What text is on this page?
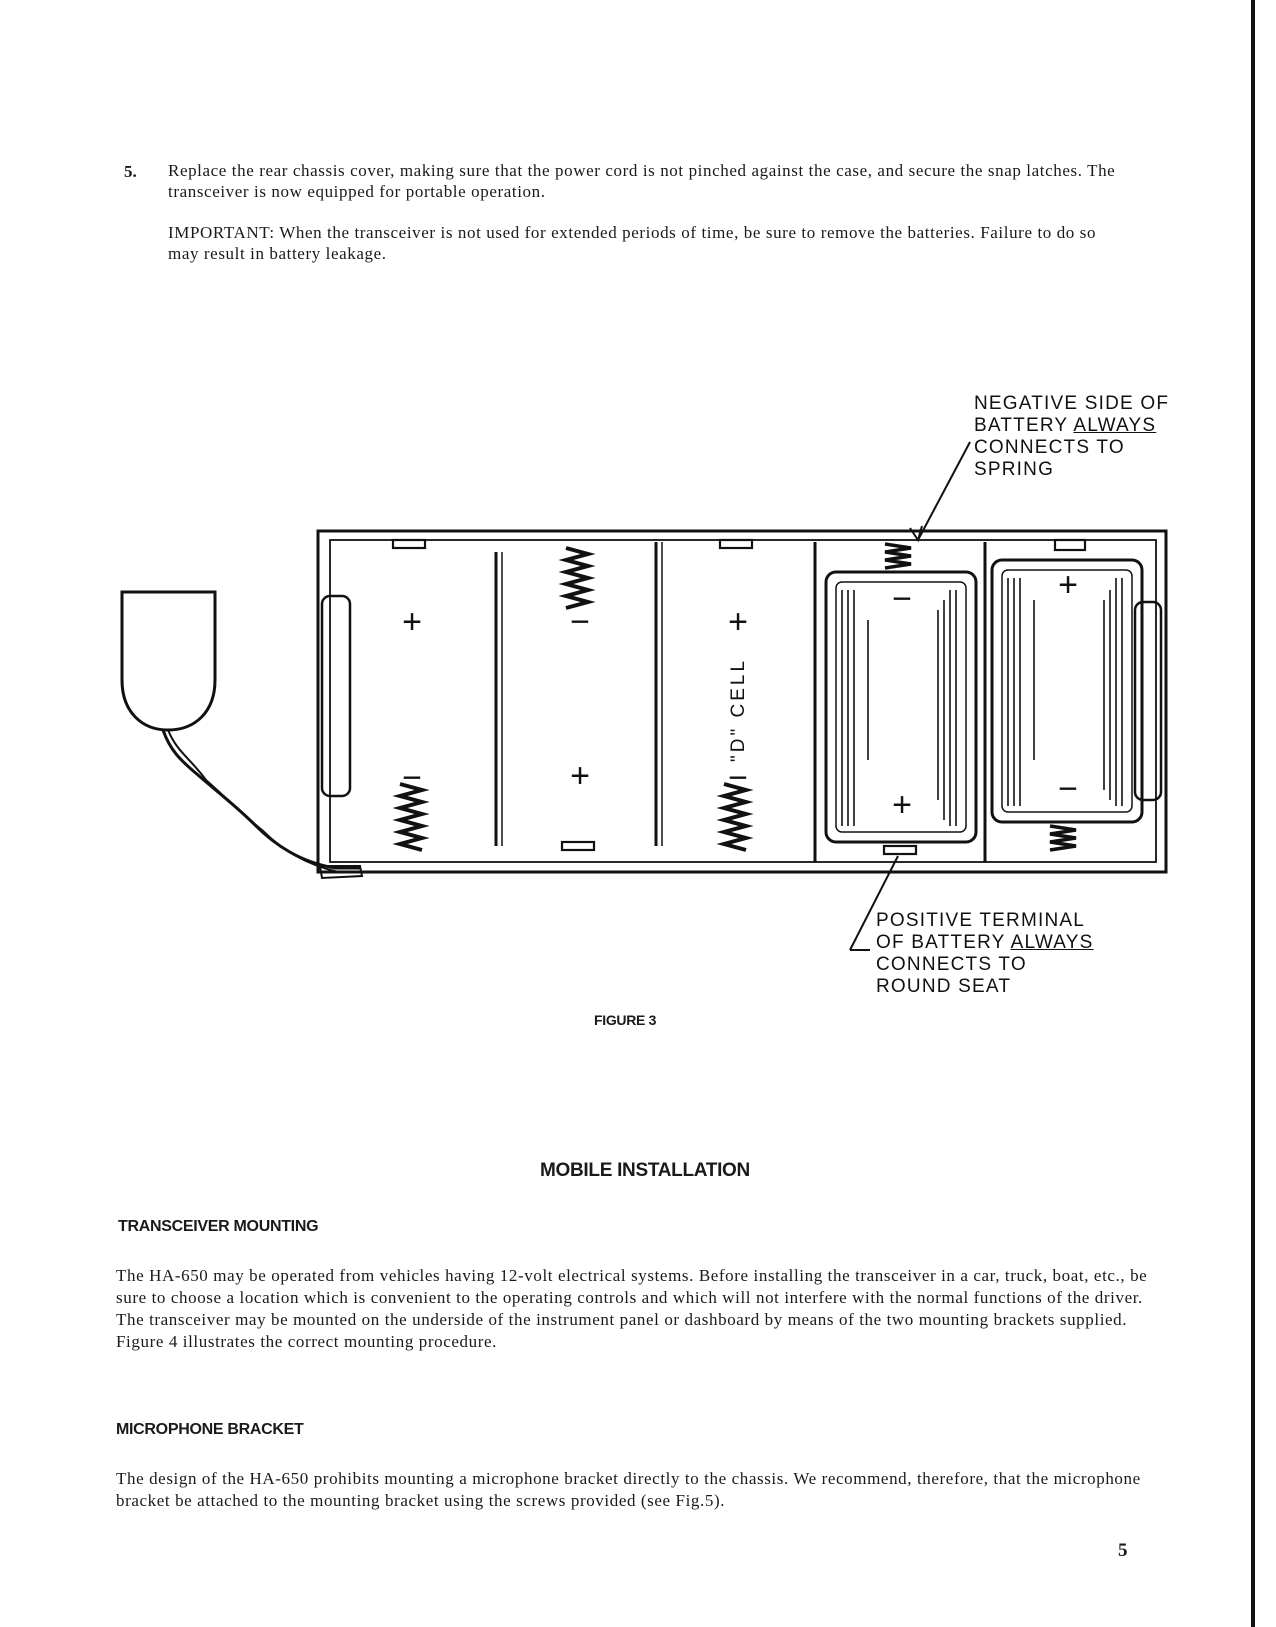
5. Replace the rear chassis cover, making sure that the power cord is not pinched against the case, and secure the snap latches. The transceiver is now equipped for portable operation.
IMPORTANT: When the transceiver is not used for extended periods of time, be sure to remove the batteries. Failure to do so may result in battery leakage.
NEGATIVE SIDE OF
BATTERY ALWAYS
CONNECTS TO
SPRING
POSITIVE TERMINAL
OF BATTERY ALWAYS
CONNECTS TO
ROUND SEAT
+
−
−
+
+
−
−
+
+
−
"D" CELL
FIGURE 3
MOBILE INSTALLATION
TRANSCEIVER MOUNTING
The HA-650 may be operated from vehicles having 12-volt electrical systems. Before installing the transceiver in a car, truck, boat, etc., be sure to choose a location which is convenient to the operating controls and which will not interfere with the normal functions of the driver. The transceiver may be mounted on the underside of the instrument panel or dashboard by means of the two mounting brackets supplied. Figure 4 illustrates the correct mounting procedure.
MICROPHONE BRACKET
The design of the HA-650 prohibits mounting a microphone bracket directly to the chassis. We recommend, therefore, that the microphone bracket be attached to the mounting bracket using the screws provided (see Fig.5).
5
